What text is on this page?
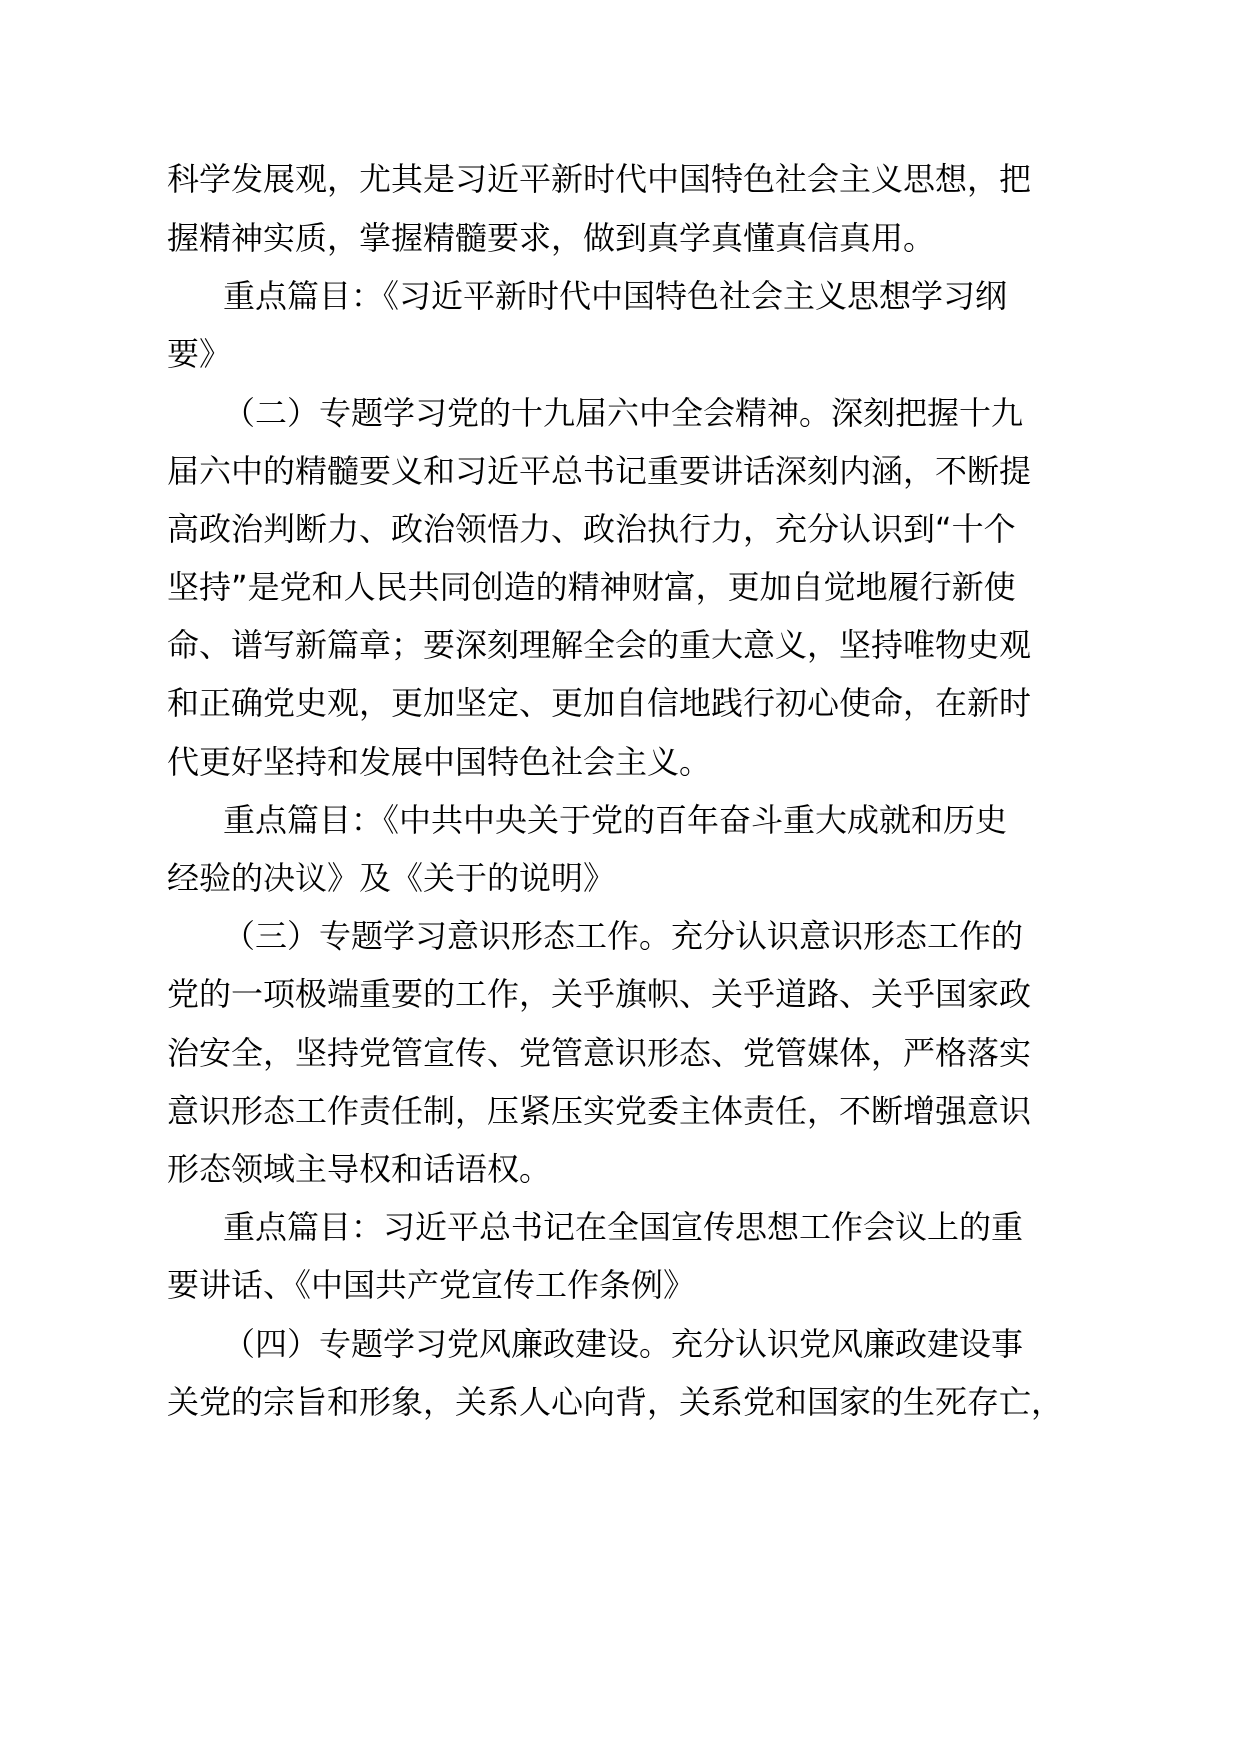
科学发展观，尤其是习近平新时代中国特色社会主义思想，把
握精神实质，掌握精髓要求，做到真学真懂真信真用。
重点篇目：《习近平新时代中国特色社会主义思想学习纲
要》
（二）专题学习党的十九届六中全会精神。深刻把握十九
届六中的精髓要义和习近平总书记重要讲话深刻内涵，不断提
高政治判断力、政治领悟力、政治执行力，充分认识到“十个
坚持”是党和人民共同创造的精神财富，更加自觉地履行新使
命、谱写新篇章；要深刻理解全会的重大意义，坚持唯物史观
和正确党史观，更加坚定、更加自信地践行初心使命，在新时
代更好坚持和发展中国特色社会主义。
重点篇目：《中共中央关于党的百年奋斗重大成就和历史
经验的决议》及《关于的说明》
（三）专题学习意识形态工作。充分认识意识形态工作的
党的一项极端重要的工作，关乎旗帜、关乎道路、关乎国家政
治安全，坚持党管宣传、党管意识形态、党管媒体，严格落实
意识形态工作责任制，压紧压实党委主体责任，不断增强意识
形态领域主导权和话语权。
重点篇目：习近平总书记在全国宣传思想工作会议上的重
要讲话、《中国共产党宣传工作条例》
（四）专题学习党风廉政建设。充分认识党风廉政建设事
关党的宗旨和形象，关系人心向背，关系党和国家的生死存亡，
